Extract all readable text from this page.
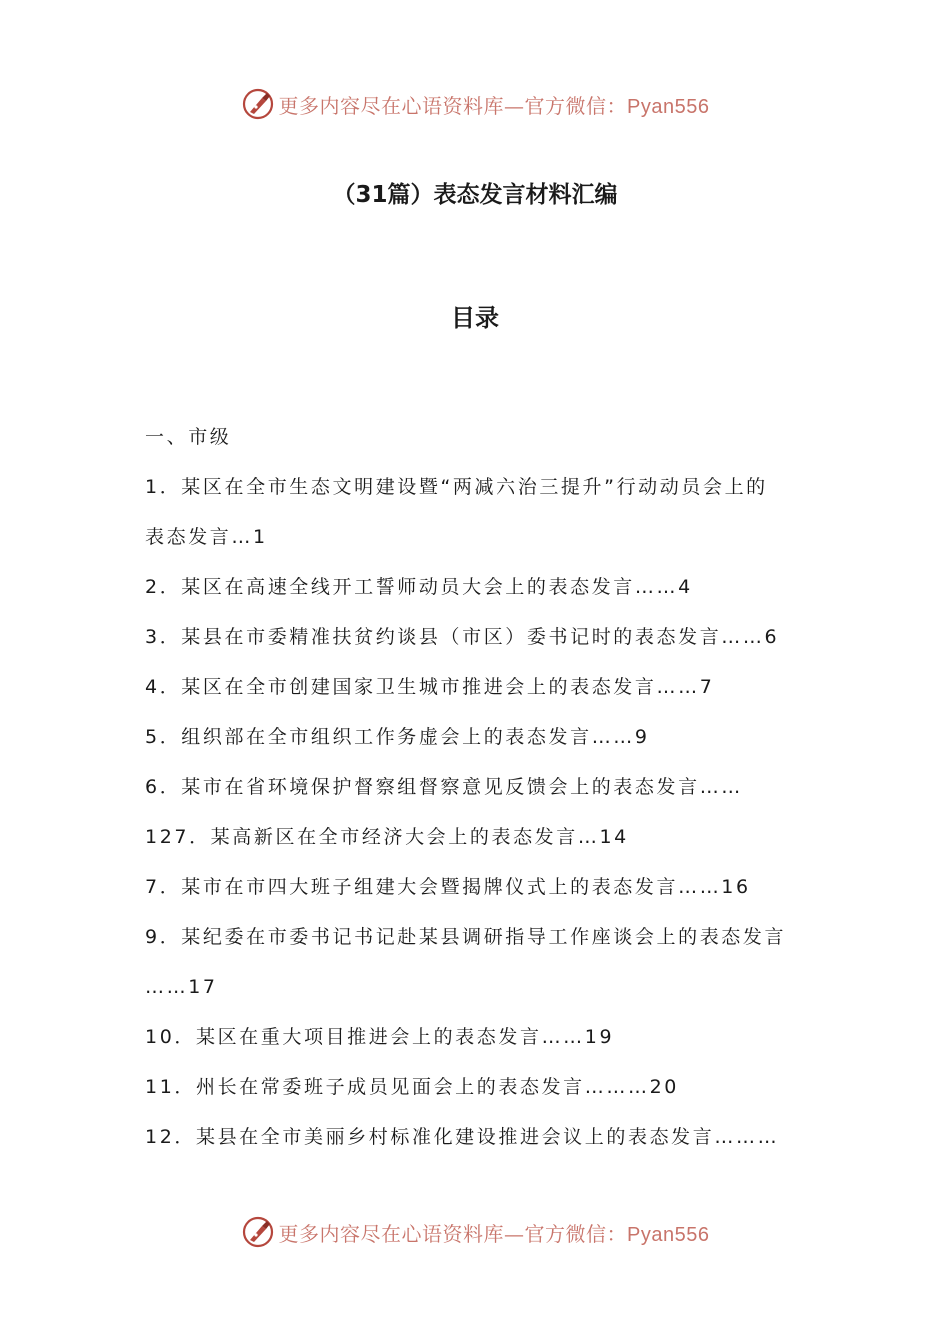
更多内容尽在心语资料库—官方微信：Pyan556
（31篇）表态发言材料汇编
目录
一、市级
1．某区在全市生态文明建设暨“两减六治三提升”行动动员会上的
表态发言…1
2．某区在高速全线开工誓师动员大会上的表态发言……4
3．某县在市委精准扶贫约谈县（市区）委书记时的表态发言……6
4．某区在全市创建国家卫生城市推进会上的表态发言……7
5．组织部在全市组织工作务虚会上的表态发言……9
6．某市在省环境保护督察组督察意见反馈会上的表态发言……
127．某高新区在全市经济大会上的表态发言…14
7．某市在市四大班子组建大会暨揭牌仪式上的表态发言……16
9．某纪委在市委书记书记赴某县调研指导工作座谈会上的表态发言
……17
10．某区在重大项目推进会上的表态发言……19
11．州长在常委班子成员见面会上的表态发言………20
12．某县在全市美丽乡村标准化建设推进会议上的表态发言………
更多内容尽在心语资料库—官方微信：Pyan556
